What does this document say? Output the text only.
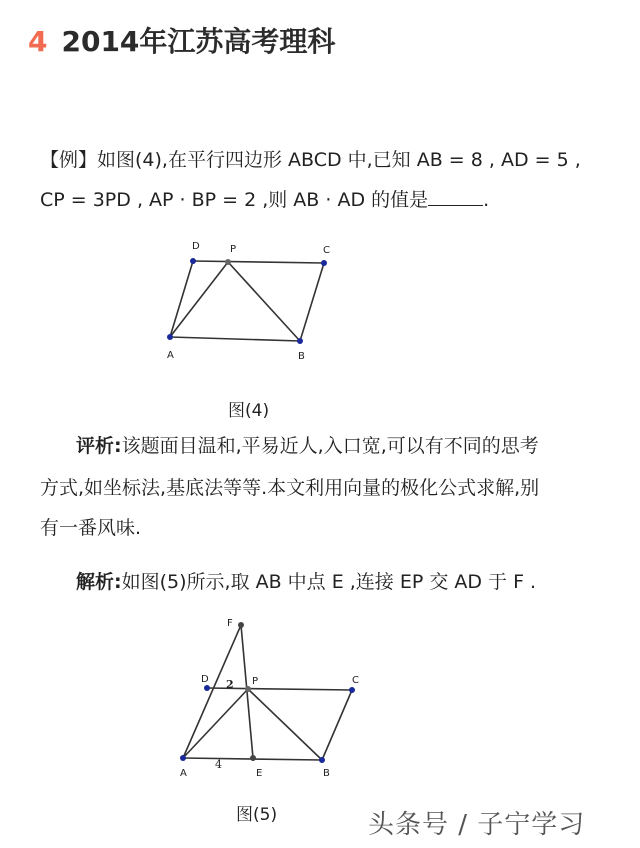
4 2014年江苏高考理科
【例】如图(4),在平行四边形 ABCD 中,已知 AB = 8 , AD = 5 ,
CP = 3PD , AP · BP = 2 ,则 AB · AD 的值是	.
D	P	C
A	B
F
D 2 P	C
A
4
E	B
图(4)
评析:该题面目温和,平易近人,入口宽,可以有不同的思考
方式,如坐标法,基底法等等.本文利用向量的极化公式求解,别
有一番风味.
解析:如图(5)所示,取 AB 中点 E ,连接 EP 交 AD 于 F .
图(5)	头条号 / 子宁学习
